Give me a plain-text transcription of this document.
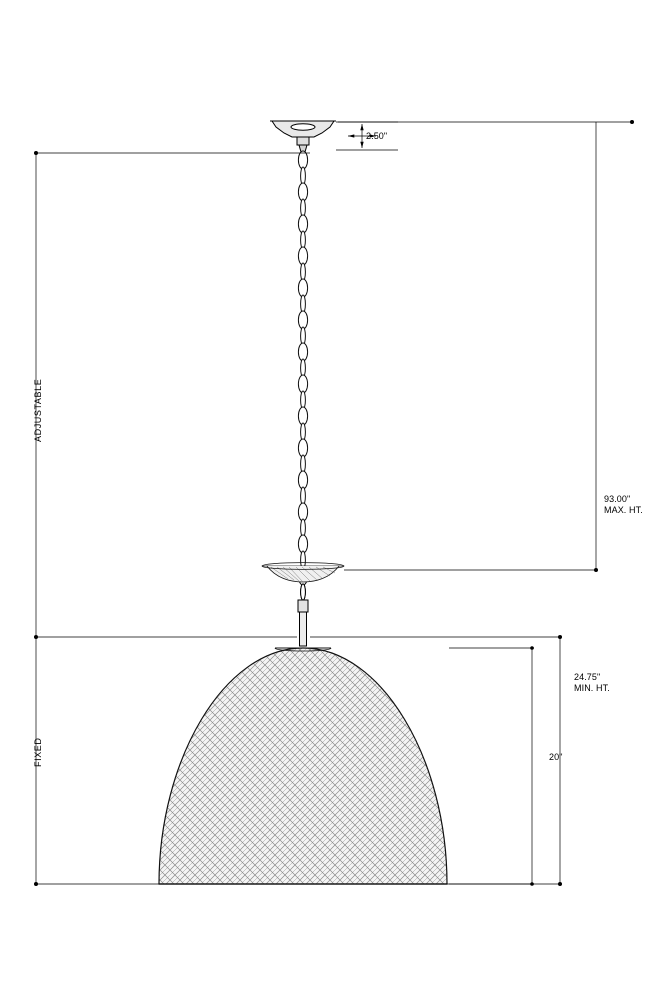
2.50"
93.00"
MAX. HT.
24.75"
MIN. HT.
20"
ADJUSTABLE
FIXED
